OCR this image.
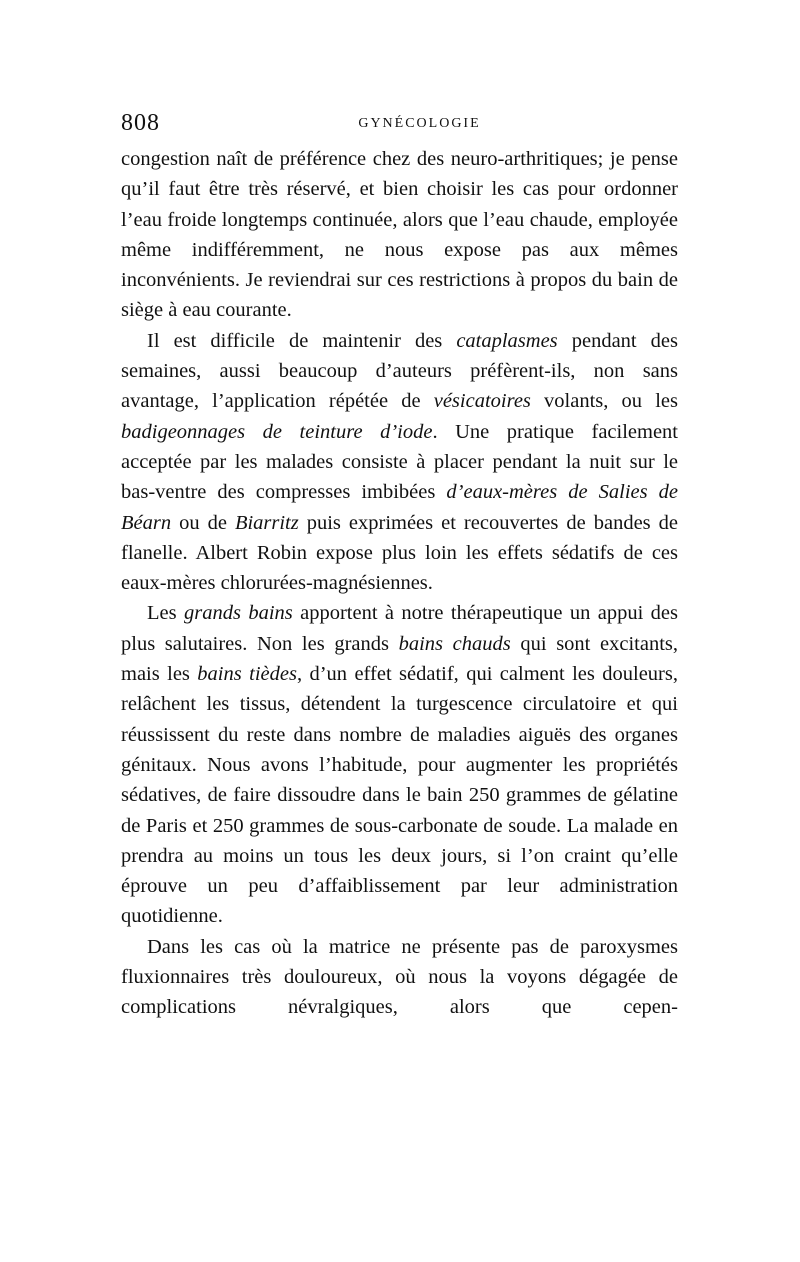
808	GYNÉCOLOGIE

congestion naît de préférence chez des neuro-arthritiques; je pense qu’il faut être très réservé, et bien choisir les cas pour ordonner l’eau froide longtemps continuée, alors que l’eau chaude, employée même indifféremment, ne nous expose pas aux mêmes inconvénients. Je reviendrai sur ces restrictions à propos du bain de siège à eau courante.

Il est difficile de maintenir des cataplasmes pendant des semaines, aussi beaucoup d’auteurs préfèrent-ils, non sans avantage, l’application répétée de vésicatoires volants, ou les badigeonnages de teinture d’iode. Une pratique facilement acceptée par les malades consiste à placer pendant la nuit sur le bas-ventre des compresses imbibées d’eaux-mères de Salies de Béarn ou de Biarritz puis exprimées et recouvertes de bandes de flanelle. Albert Robin expose plus loin les effets sédatifs de ces eaux-mères chlorurées-magnésiennes.

Les grands bains apportent à notre thérapeutique un appui des plus salutaires. Non les grands bains chauds qui sont excitants, mais les bains tièdes, d’un effet sédatif, qui calment les douleurs, relâchent les tissus, détendent la turgescence circulatoire et qui réussissent du reste dans nombre de maladies aiguës des organes génitaux. Nous avons l’habitude, pour augmenter les propriétés sédatives, de faire dissoudre dans le bain 250 grammes de gélatine de Paris et 250 grammes de sous-carbonate de soude. La malade en prendra au moins un tous les deux jours, si l’on craint qu’elle éprouve un peu d’affaiblissement par leur administration quotidienne.

Dans les cas où la matrice ne présente pas de paroxysmes fluxionnaires très douloureux, où nous la voyons dégagée de complications névralgiques, alors que cepen-
